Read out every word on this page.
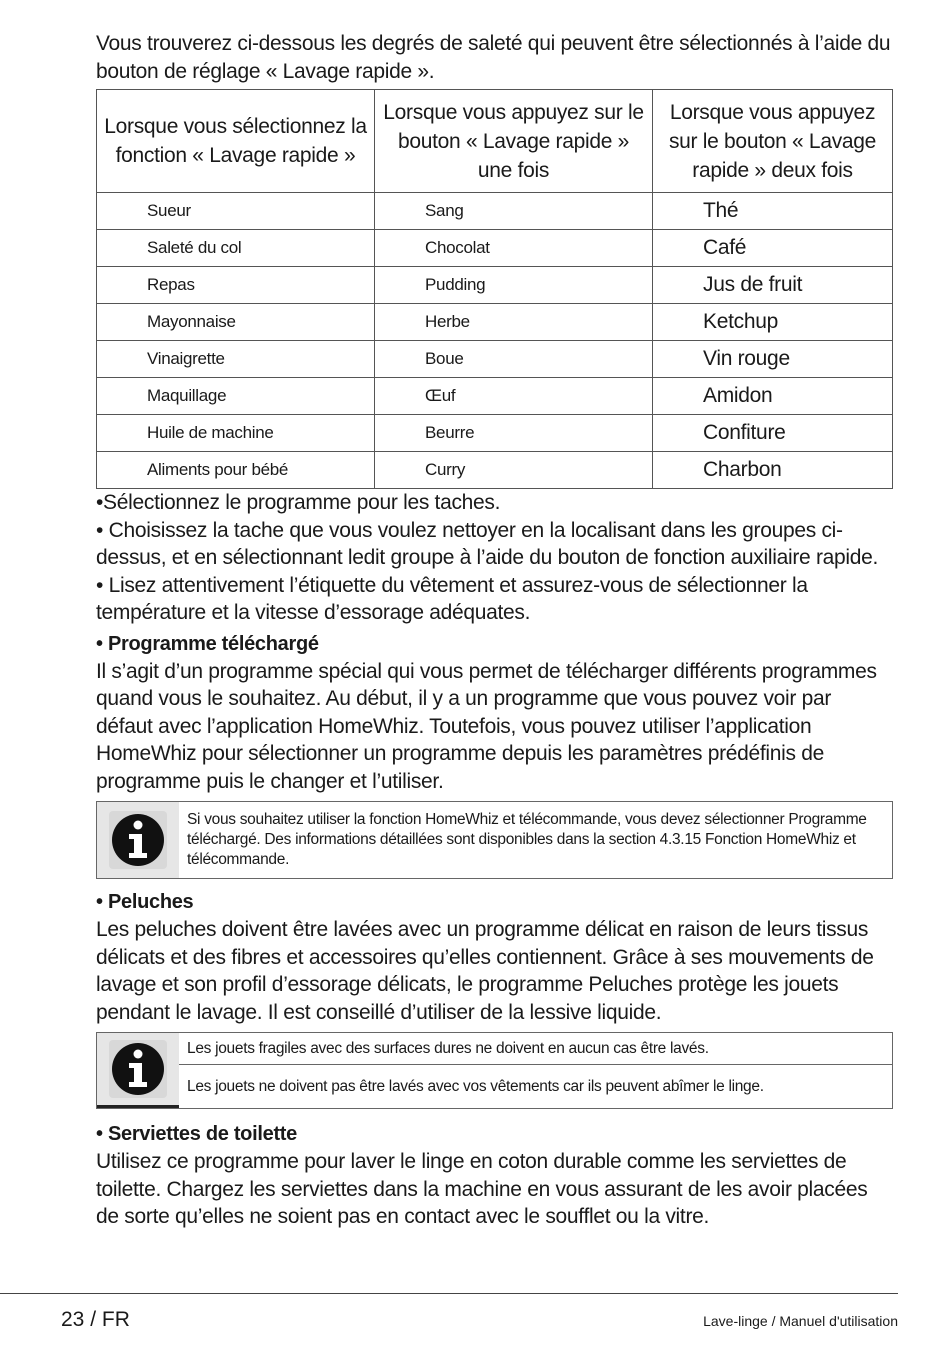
Vous trouverez ci-dessous les degrés de saleté qui peuvent être sélectionnés à l’aide du bouton de réglage « Lavage rapide ».

Lorsque vous sélectionnez la fonction « Lavage rapide »	Lorsque vous appuyez sur le bouton « Lavage rapide » une fois	Lorsque vous appuyez sur le bouton « Lavage rapide » deux fois
Sueur	Sang	Thé
Saleté du col	Chocolat	Café
Repas	Pudding	Jus de fruit
Mayonnaise	Herbe	Ketchup
Vinaigrette	Boue	Vin rouge
Maquillage	Œuf	Amidon
Huile de machine	Beurre	Confiture
Aliments pour bébé	Curry	Charbon

•Sélectionnez le programme pour les taches.

• Choisissez la tache que vous voulez nettoyer en la localisant dans les groupes ci-dessus, et en sélectionnant ledit groupe à l’aide du bouton de fonction auxiliaire rapide.

• Lisez attentivement l’étiquette du vêtement et assurez-vous de sélectionner la température et la vitesse d’essorage adéquates.

• Programme téléchargé

Il s’agit d’un programme spécial qui vous permet de télécharger différents programmes quand vous le souhaitez. Au début, il y a un programme que vous pouvez voir par défaut avec l’application HomeWhiz. Toutefois, vous pouvez utiliser l’application HomeWhiz pour sélectionner un programme depuis les paramètres prédéfinis de programme puis le changer et l’utiliser.

Si vous souhaitez utiliser la fonction HomeWhiz et télécommande, vous devez sélectionner Programme téléchargé. Des informations détaillées sont disponibles dans la section 4.3.15 Fonction HomeWhiz et télécommande.

• Peluches

Les peluches doivent être lavées avec un programme délicat en raison de leurs tissus délicats et des fibres et accessoires qu’elles contiennent. Grâce à ses mouvements de lavage et son profil d’essorage délicats, le programme Peluches protège les jouets pendant le lavage. Il est conseillé d’utiliser de la lessive liquide.

Les jouets fragiles avec des surfaces dures ne doivent en aucun cas être lavés.
Les jouets ne doivent pas être lavés avec vos vêtements car ils peuvent abîmer le linge.

• Serviettes de toilette

Utilisez ce programme pour laver le linge en coton durable comme les serviettes de toilette. Chargez les serviettes dans la machine en vous assurant de les avoir placées de sorte qu’elles ne soient pas en contact avec le soufflet ou la vitre.

23 / FR	Lave-linge / Manuel d'utilisation
